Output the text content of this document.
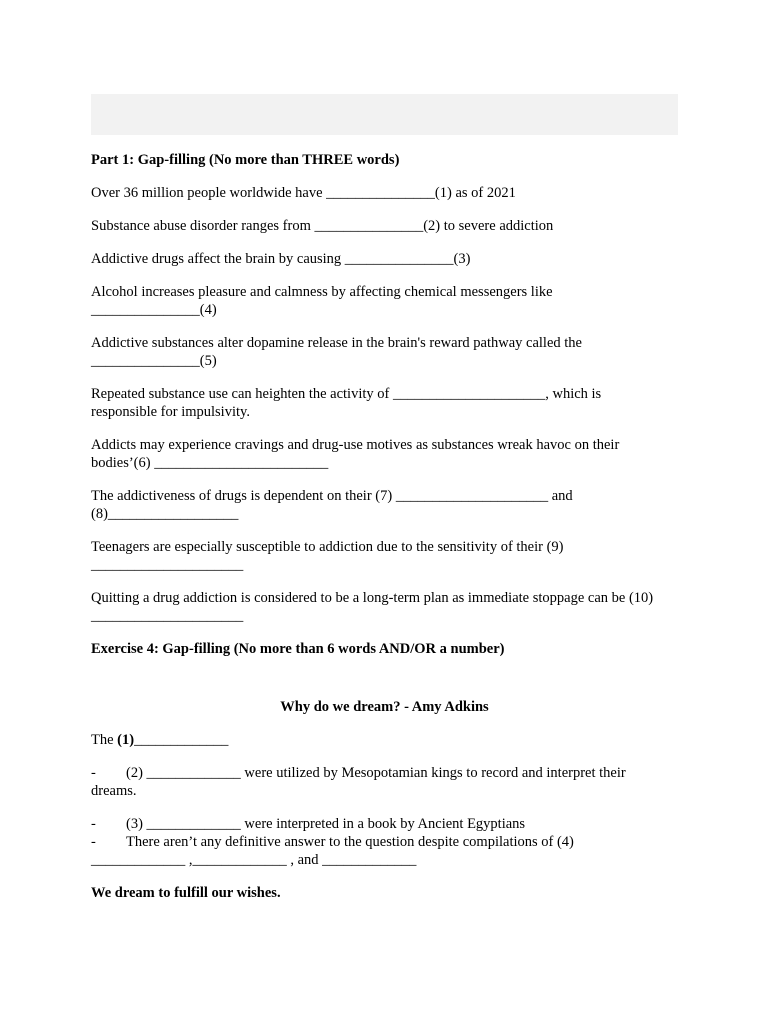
Part 1: Gap-filling (No more than THREE words)

Over 36 million people worldwide have _______________(1) as of 2021

Substance abuse disorder ranges from _______________(2) to severe addiction

Addictive drugs affect the brain by causing _______________(3)

Alcohol increases pleasure and calmness by affecting chemical messengers like
_______________(4)

Addictive substances alter dopamine release in the brain's reward pathway called the
_______________(5)

Repeated substance use can heighten the activity of _____________________, which is
responsible for impulsivity.

Addicts may experience cravings and drug-use motives as substances wreak havoc on their
bodies’(6) ________________________

The addictiveness of drugs is dependent on their (7) _____________________ and
(8)__________________

Teenagers are especially susceptible to addiction due to the sensitivity of their (9)
_____________________

Quitting a drug addiction is considered to be a long-term plan as immediate stoppage can be (10)
_____________________

Exercise 4: Gap-filling (No more than 6 words AND/OR a number)

Why do we dream? - Amy Adkins

The (1)_____________

-	(2) _____________ were utilized by Mesopotamian kings to record and interpret their
dreams.

-	(3) _____________ were interpreted in a book by Ancient Egyptians

-	There aren’t any definitive answer to the question despite compilations of (4)
_____________ ,_____________ , and _____________

We dream to fulfill our wishes.
